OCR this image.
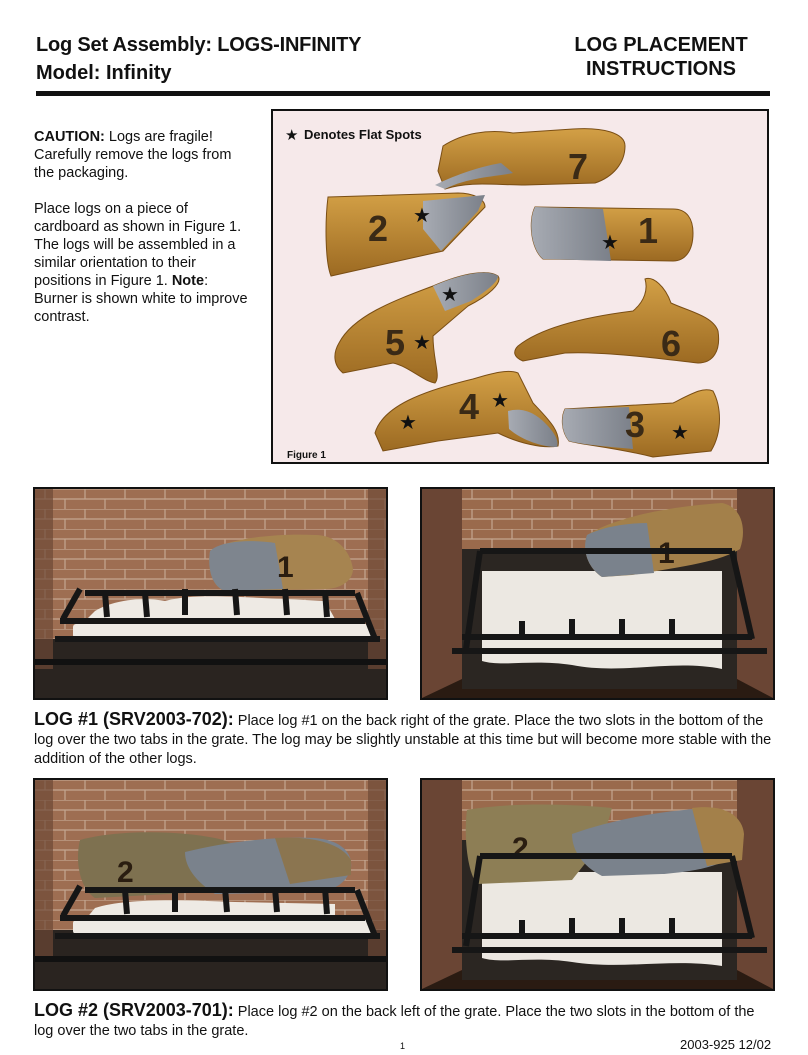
Log Set Assembly: LOGS-INFINITY
Model: Infinity
LOG PLACEMENT
INSTRUCTIONS

CAUTION: Logs are fragile! Carefully remove the logs from the packaging.

Place logs on a piece of cardboard as shown in Figure 1. The logs will be assembled in a similar orientation to their positions in Figure 1. Note: Burner is shown white to improve contrast.

★ Denotes Flat Spots
7
2 ★	1
★
5 ★
★
6
4 ★
★	3 ★
Figure 1
1	1
LOG #1 (SRV2003-702): Place log #1 on the back right of the grate. Place the two slots in the bottom of the log over the two tabs in the grate. The log may be slightly unstable at this time but will become more stable with the addition of the other logs.
2
2
LOG #2 (SRV2003-701): Place log #2 on the back left of the grate. Place the two slots in the bottom of the log over the two tabs in the grate.
1	2003-925 12/02
